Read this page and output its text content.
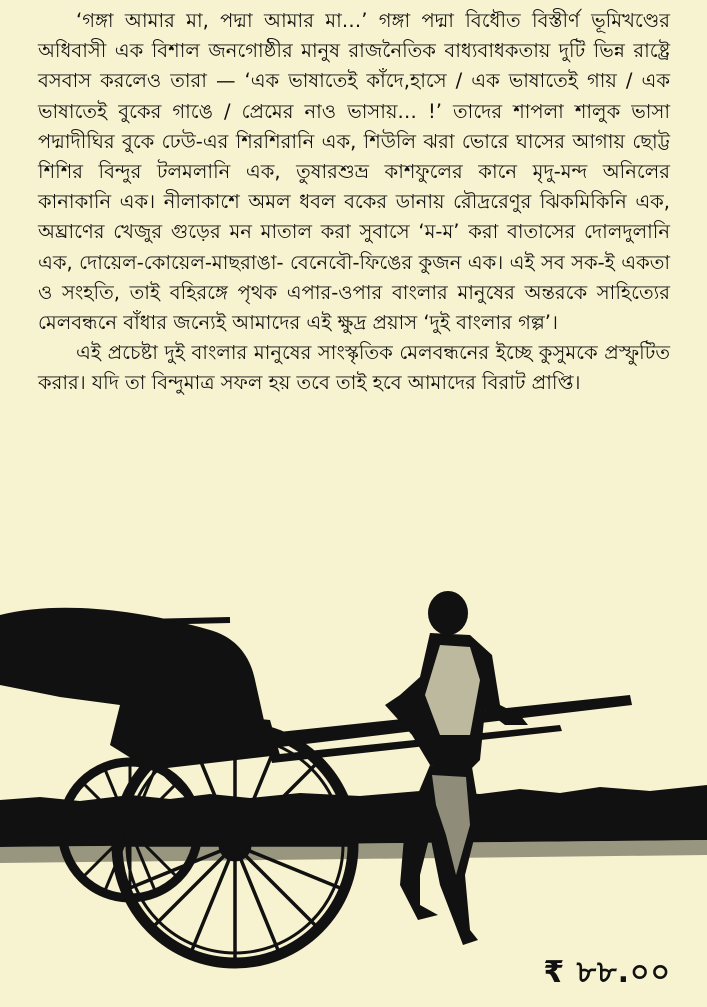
‘গঙ্গা আমার মা, পদ্মা আমার মা…’ গঙ্গা পদ্মা বিধৌত বিস্তীর্ণ ভূমিখণ্ডের অধিবাসী এক বিশাল জনগোষ্ঠীর মানুষ রাজনৈতিক বাধ্যবাধকতায় দুটি ভিন্ন রাষ্ট্রে বসবাস করলেও তারা — ‘এক ভাষাতেই কাঁদে,হাসে / এক ভাষাতেই গায় / এক ভাষাতেই বুকের গাঙে / প্রেমের নাও ভাসায়… !’ তাদের শাপলা শালুক ভাসা পদ্মাদীঘির বুকে ঢেউ-এর শিরশিরানি এক, শিউলি ঝরা ভোরে ঘাসের আগায় ছোট্ট শিশির বিন্দুর টলমলানি এক, তুষারশুভ্র কাশফুলের কানে মৃদু-মন্দ অনিলের কানাকানি এক। নীলাকাশে অমল ধবল বকের ডানায় রৌদ্ররেণুর ঝিকমিকিনি এক, অঘ্রাণের খেজুর গুড়ের মন মাতাল করা সুবাসে ‘ম-ম’ করা বাতাসের দোলদুলানি এক, দোয়েল-কোয়েল-মাছরাঙা- বেনেবৌ-ফিঙের কুজন এক। এই সব সক-ই একতা ও সংহতি, তাই বহিরঙ্গে পৃথক এপার-ওপার বাংলার মানুষের অন্তরকে সাহিত্যের মেলবন্ধনে বাঁধার জন্যেই আমাদের এই ক্ষুদ্র প্রয়াস ‘দুই বাংলার গল্প’।

এই প্রচেষ্টা দুই বাংলার মানুষের সাংস্কৃতিক মেলবন্ধনের ইচ্ছে কুসুমকে প্রস্ফুটিত করার। যদি তা বিন্দুমাত্র সফল হয় তবে তাই হবে আমাদের বিরাট প্রাপ্তি।

₹ ৮৮.০০
